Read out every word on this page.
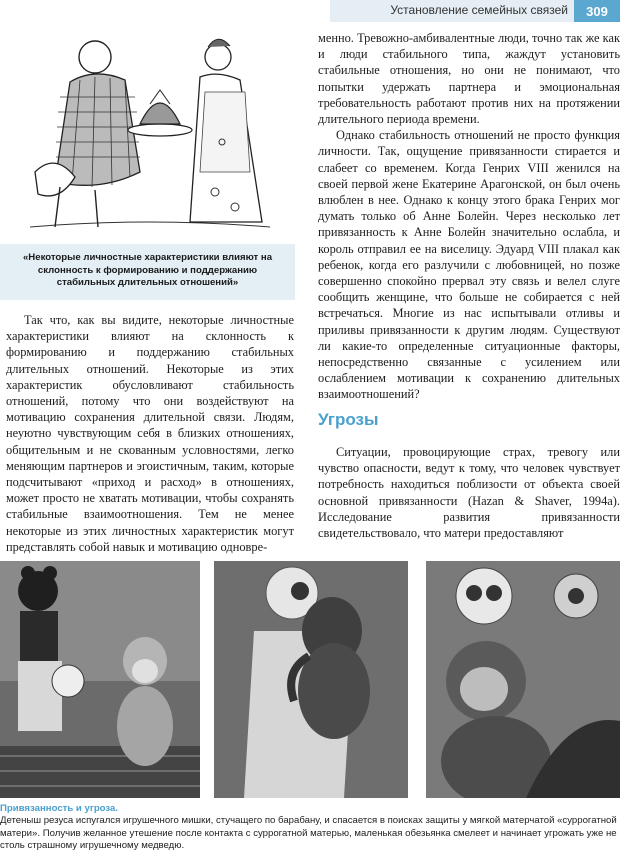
Установление семейных связей	309
«Некоторые личностные характеристики влияют на склонность к формированию и поддержанию стабильных длительных отношений»

Так что, как вы видите, некоторые личностные характеристики влияют на склонность к формированию и поддержанию стабильных длительных отношений. Некоторые из этих характеристик обусловливают стабильность отношений, потому что они воздействуют на мотивацию сохранения длительной связи. Людям, неуютно чувствующим себя в близких отношениях, общительным и не скованным условностями, легко меняющим партнеров и эгоистичным, таким, которые подсчитывают «приход и расход» в отношениях, может просто не хватать мотивации, чтобы сохранять стабильные взаимоотношения. Тем не менее некоторые из этих личностных характеристик могут представлять собой навык и мотивацию одновре-

менно. Тревожно-амбивалентные люди, точно так же как и люди стабильного типа, жаждут установить стабильные отношения, но они не понимают, что попытки удержать партнера и эмоциональная требовательность работают против них на протяжении длительного периода времени.

Однако стабильность отношений не просто функция личности. Так, ощущение привязанности стирается и слабеет со временем. Когда Генрих VIII женился на своей первой жене Екатерине Арагонской, он был очень влюблен в нее. Однако к концу этого брака Генрих мог думать только об Анне Болейн. Через несколько лет привязанность к Анне Болейн значительно ослабла, и король отправил ее на виселицу. Эдуард VIII плакал как ребенок, когда его разлучили с любовницей, но позже совершенно спокойно прервал эту связь и велел слуге сообщить женщине, что больше не собирается с ней встречаться. Многие из нас испытывали отливы и приливы привязанности к другим людям. Существуют ли какие-то определенные ситуационные факторы, непосредственно связанные с усилением или ослаблением мотивации к сохранению длительных взаимоотношений?

Угрозы

Ситуации, провоцирующие страх, тревогу или чувство опасности, ведут к тому, что человек чувствует потребность находиться поблизости от объекта своей основной привязанности (Hazan & Shaver, 1994a). Исследование развития привязанности свидетельствовало, что матери предоставляют

Привязанность и угроза.
Детеныш резуса испугался игрушечного мишки, стучащего по барабану, и спасается в поисках защиты у мягкой матерчатой «суррогатной матери». Получив желанное утешение после контакта с суррогатной матерью, маленькая обезьянка смелеет и начинает угрожать уже не столь страшному игрушечному медведю.
